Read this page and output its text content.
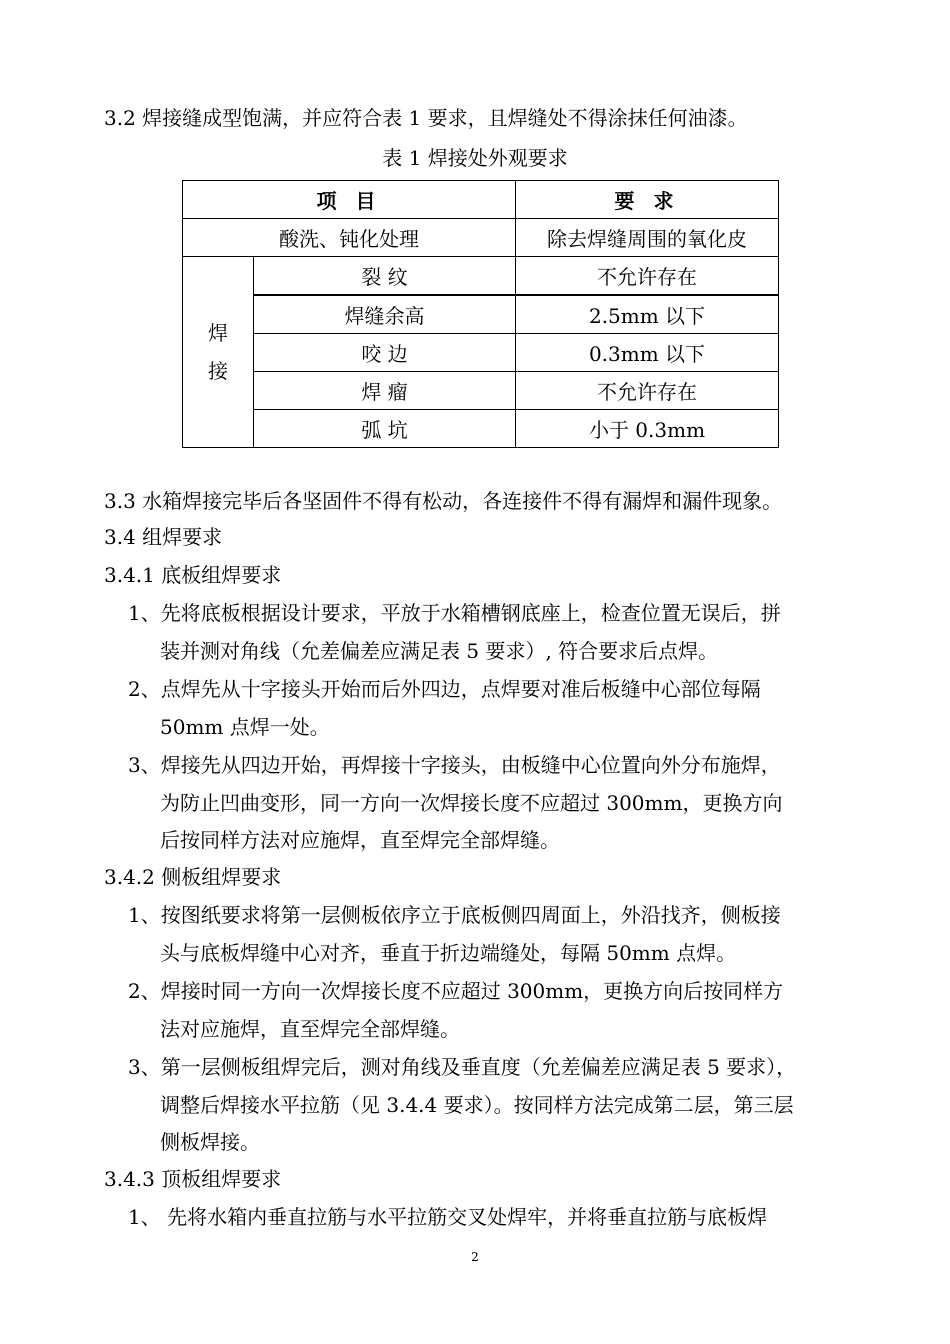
3.2 焊接缝成型饱满，并应符合表 1 要求，且焊缝处不得涂抹任何油漆。
表 1 焊接处外观要求
项 目		要 求
酸洗、钝化处理		除去焊缝周围的氧化皮
焊
接	裂 纹	不允许存在
	焊缝余高	2.5mm 以下
	咬 边	0.3mm 以下
	焊 瘤	不允许存在
	弧 坑	小于 0.3mm
3.3 水箱焊接完毕后各坚固件不得有松动，各连接件不得有漏焊和漏件现象。
3.4 组焊要求
3.4.1 底板组焊要求
1、先将底板根据设计要求，平放于水箱槽钢底座上，检查位置无误后，拼
装并测对角线（允差偏差应满足表 5 要求）, 符合要求后点焊。
2、点焊先从十字接头开始而后外四边，点焊要对准后板缝中心部位每隔
50mm 点焊一处。
3、焊接先从四边开始，再焊接十字接头，由板缝中心位置向外分布施焊，
为防止凹曲变形，同一方向一次焊接长度不应超过 300mm，更换方向
后按同样方法对应施焊，直至焊完全部焊缝。
3.4.2 侧板组焊要求
1、按图纸要求将第一层侧板依序立于底板侧四周面上，外沿找齐，侧板接
头与底板焊缝中心对齐，垂直于折边端缝处，每隔 50mm 点焊。
2、焊接时同一方向一次焊接长度不应超过 300mm，更换方向后按同样方
法对应施焊，直至焊完全部焊缝。
3、第一层侧板组焊完后，测对角线及垂直度（允差偏差应满足表 5 要求），
调整后焊接水平拉筋（见 3.4.4 要求）。按同样方法完成第二层，第三层
侧板焊接。
3.4.3 顶板组焊要求
1、 先将水箱内垂直拉筋与水平拉筋交叉处焊牢，并将垂直拉筋与底板焊
2
